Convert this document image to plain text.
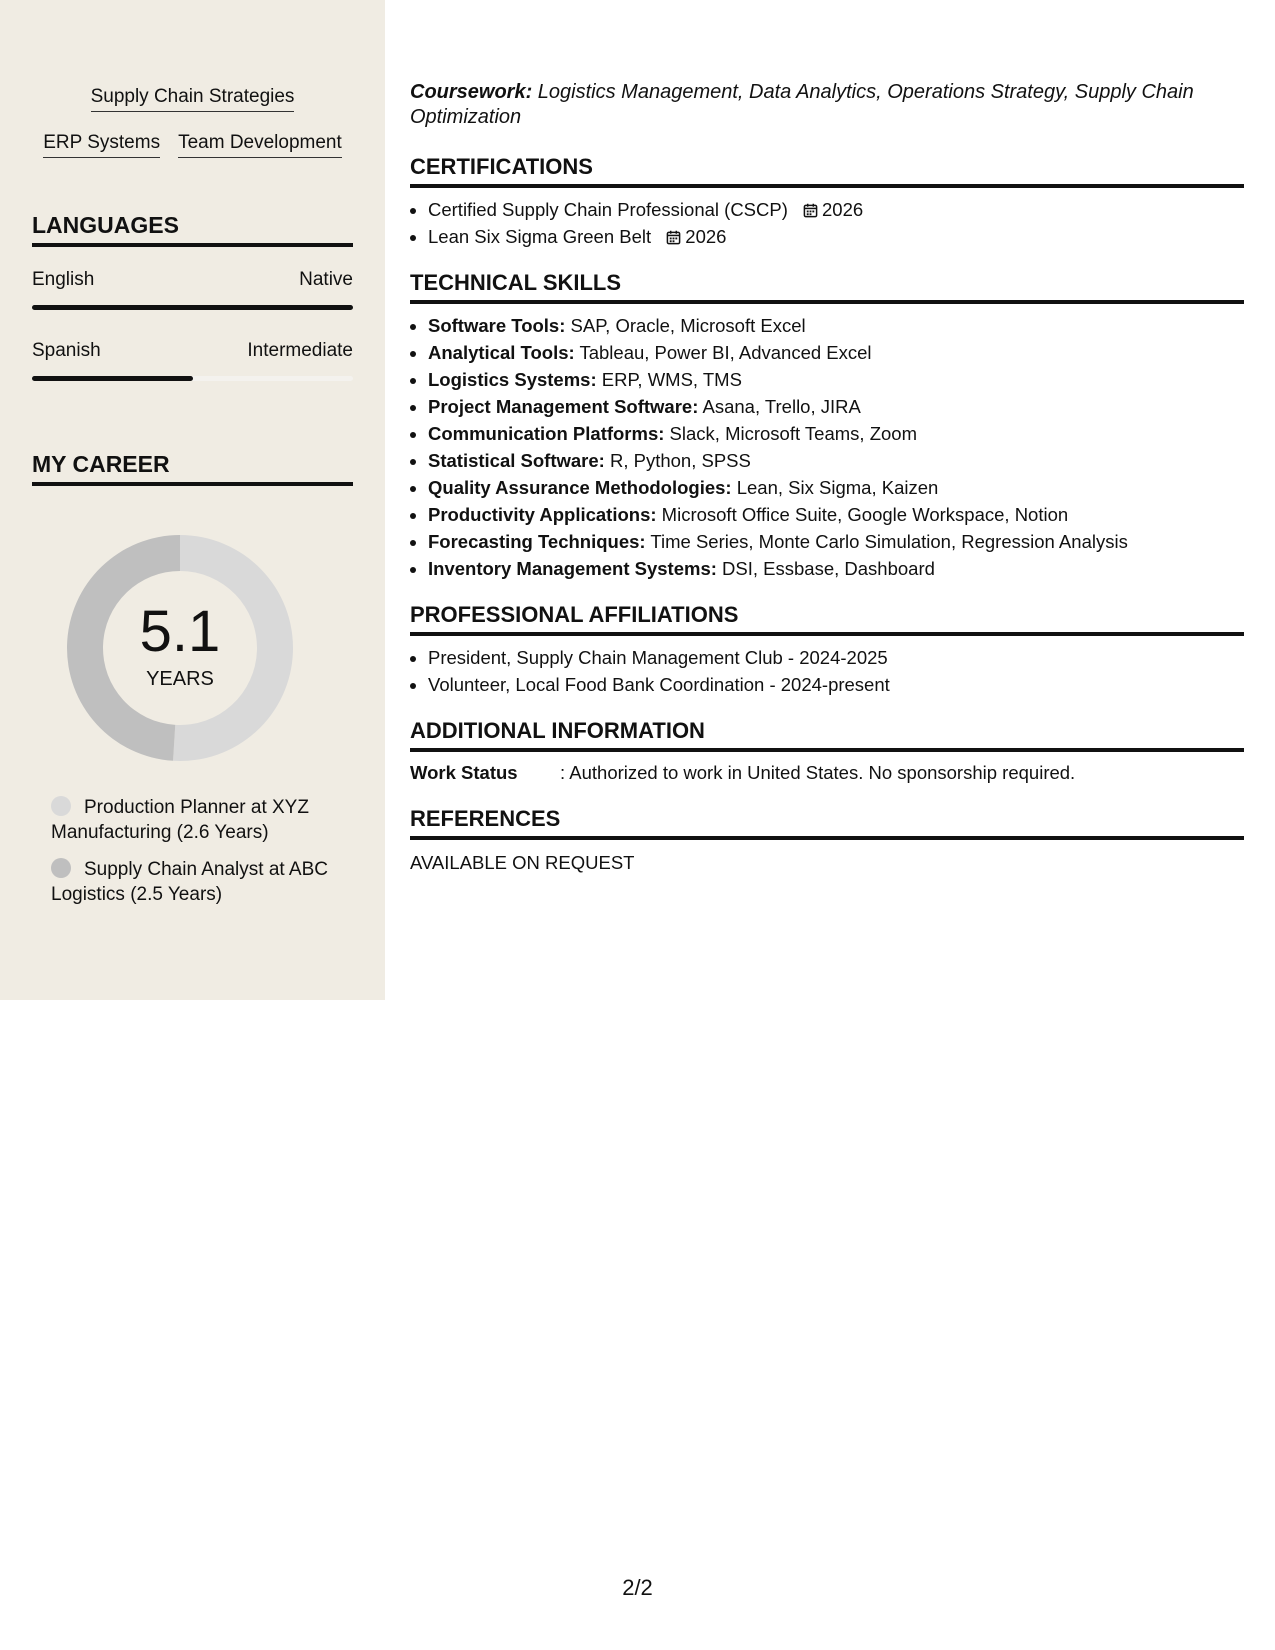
Supply Chain Strategies
ERP Systems Team Development
LANGUAGES
English	Native
Spanish	Intermediate
MY CAREER
5.1
YEARS
Production Planner at XYZ Manufacturing (2.6 Years)
Supply Chain Analyst at ABC Logistics (2.5 Years)

Coursework: Logistics Management, Data Analytics, Operations Strategy, Supply Chain Optimization

CERTIFICATIONS
• Certified Supply Chain Professional (CSCP) 2026
• Lean Six Sigma Green Belt 2026
TECHNICAL SKILLS
• Software Tools: SAP, Oracle, Microsoft Excel
• Analytical Tools: Tableau, Power BI, Advanced Excel
• Logistics Systems: ERP, WMS, TMS
• Project Management Software: Asana, Trello, JIRA
• Communication Platforms: Slack, Microsoft Teams, Zoom
• Statistical Software: R, Python, SPSS
• Quality Assurance Methodologies: Lean, Six Sigma, Kaizen
• Productivity Applications: Microsoft Office Suite, Google Workspace, Notion
• Forecasting Techniques: Time Series, Monte Carlo Simulation, Regression Analysis
• Inventory Management Systems: DSI, Essbase, Dashboard
PROFESSIONAL AFFILIATIONS
• President, Supply Chain Management Club - 2024-2025
• Volunteer, Local Food Bank Coordination - 2024-present
ADDITIONAL INFORMATION
Work Status	: Authorized to work in United States. No sponsorship required.
REFERENCES

AVAILABLE ON REQUEST

2/2
